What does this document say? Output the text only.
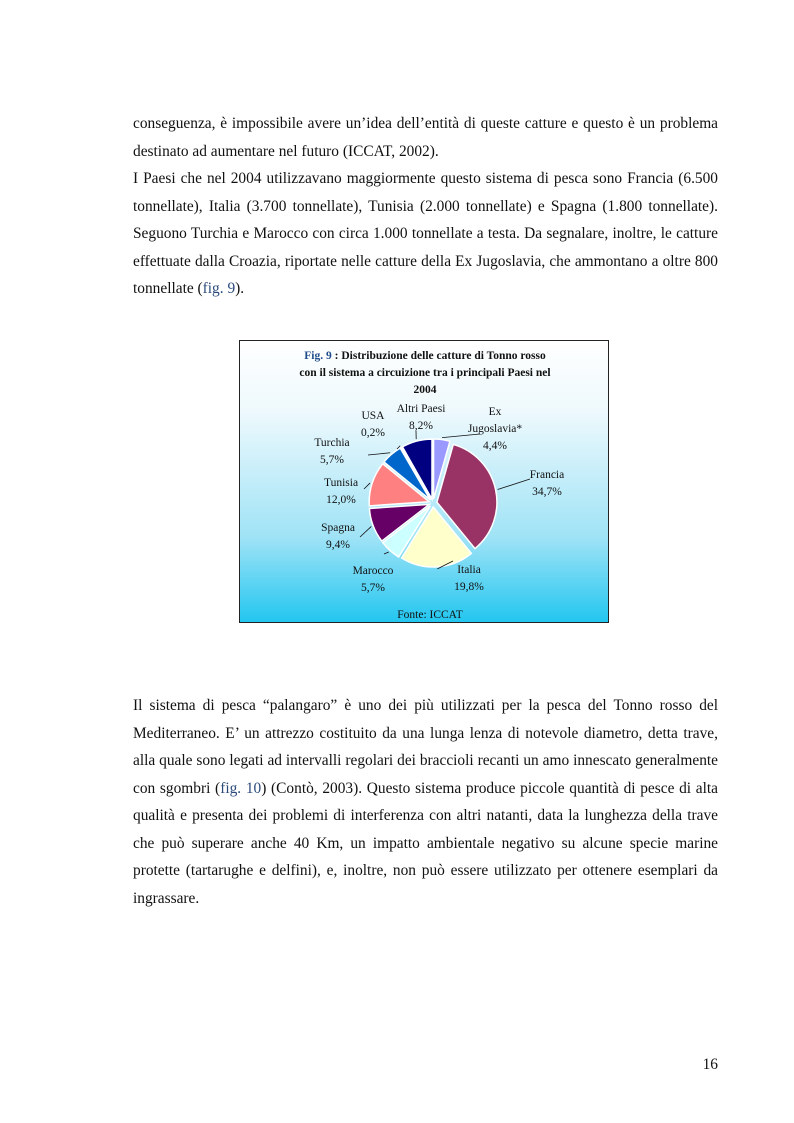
conseguenza, è impossibile avere un’idea dell’entità di queste catture e questo è un problema destinato ad aumentare nel futuro (ICCAT, 2002).
I Paesi che nel 2004 utilizzavano maggiormente questo sistema di pesca sono Francia (6.500 tonnellate), Italia (3.700 tonnellate), Tunisia (2.000 tonnellate) e Spagna (1.800 tonnellate). Seguono Turchia e Marocco con circa 1.000 tonnellate a testa. Da segnalare, inoltre, le catture effettuate dalla Croazia, riportate nelle catture della Ex Jugoslavia, che ammontano a oltre 800 tonnellate (fig. 9).

Fig. 9 : Distribuzione delle catture di Tonno rosso
con il sistema a circuizione tra i principali Paesi nel
2004
Ex
Jugoslavia*
4,4%
Francia
34,7%
Italia
19,8%
Marocco
5,7%
Spagna
9,4%
Tunisia
12,0%
Turchia
5,7%
USA
0,2%
Altri Paesi
8,2%
Fonte: ICCAT

Il sistema di pesca “palangaro” è uno dei più utilizzati per la pesca del Tonno rosso del Mediterraneo. E’ un attrezzo costituito da una lunga lenza di notevole diametro, detta trave, alla quale sono legati ad intervalli regolari dei braccioli recanti un amo innescato generalmente con sgombri (fig. 10) (Contò, 2003). Questo sistema produce piccole quantità di pesce di alta qualità e presenta dei problemi di interferenza con altri natanti, data la lunghezza della trave che può superare anche 40 Km, un impatto ambientale negativo su alcune specie marine protette (tartarughe e delfini), e, inoltre, non può essere utilizzato per ottenere esemplari da ingrassare.

16
